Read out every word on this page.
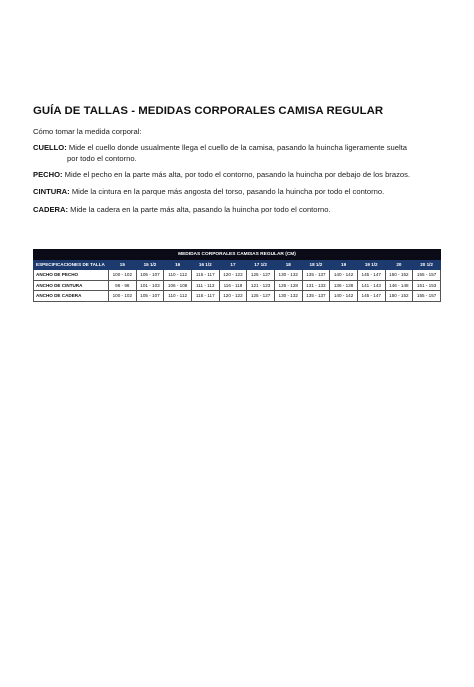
GUÍA DE TALLAS - MEDIDAS CORPORALES CAMISA REGULAR
Cómo tomar la medida corporal:
CUELLO: Mide el cuello donde usualmente llega el cuello de la camisa, pasando la huincha ligeramente suelta
por todo el contorno.
PECHO: Mide el pecho en la parte más alta, por todo el contorno, pasando la huincha por debajo de los brazos.
CINTURA: Mide la cintura en la parque más angosta del torso, pasando la huincha por todo el contorno.
CADERA: Mide la cadera en la parte más alta, pasando la huincha por todo el contorno.
MEDIDAS CORPORALES CAMISAS REGULAR (CM)												
ESPECIFICACIONES DE TALLA	15	15 1/2	16	16 1/2	17	17 1/2	18	18 1/2	19	19 1/2	20	20 1/2
ANCHO DE PECHO	100 - 102	105 - 107	110 - 112	115 - 117	120 - 122	125 - 127	130 - 132	135 - 137	140 - 142	145 - 147	150 - 152	155 - 157
ANCHO DE CINTURA	96 - 98	101 - 103	106 - 108	111 - 113	116 - 118	121 - 123	126 - 128	131 - 133	136 - 138	141 - 143	146 - 148	151 - 153
ANCHO DE CADERA	100 - 102	105 - 107	110 - 112	115 - 117	120 - 122	125 - 127	130 - 132	135 - 137	140 - 142	145 - 147	150 - 152	155 - 157
